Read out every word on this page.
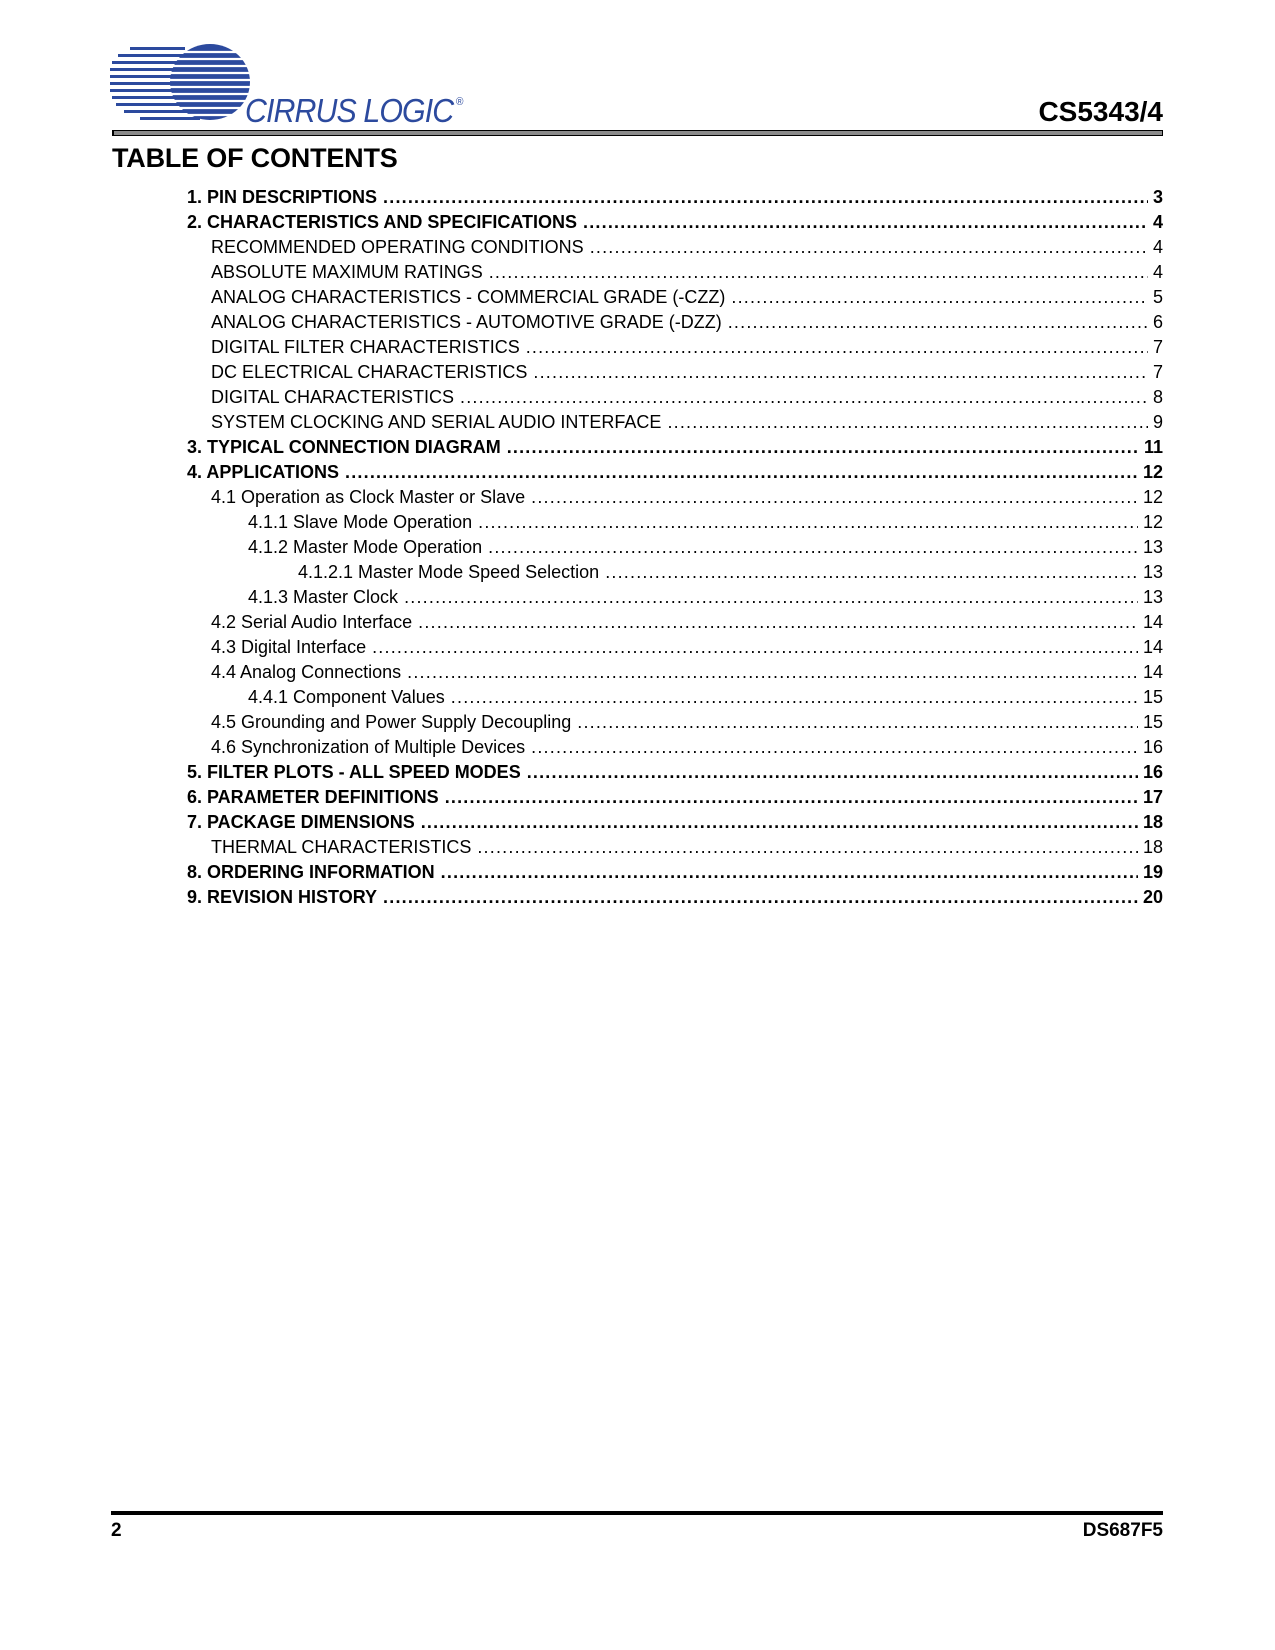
CIRRUS LOGIC ®	CS5343/4
TABLE OF CONTENTS
1. PIN DESCRIPTIONS .....	3
2. CHARACTERISTICS AND SPECIFICATIONS .....	4
RECOMMENDED OPERATING CONDITIONS .....	4
ABSOLUTE MAXIMUM RATINGS .....	4
ANALOG CHARACTERISTICS - COMMERCIAL GRADE (-CZZ) .....	5
ANALOG CHARACTERISTICS - AUTOMOTIVE GRADE (-DZZ) .....	6
DIGITAL FILTER CHARACTERISTICS .....	7
DC ELECTRICAL CHARACTERISTICS .....	7
DIGITAL CHARACTERISTICS .....	8
SYSTEM CLOCKING AND SERIAL AUDIO INTERFACE .....	9
3. TYPICAL CONNECTION DIAGRAM .....	11
4. APPLICATIONS .....	12
4.1 Operation as Clock Master or Slave .....	12
4.1.1 Slave Mode Operation .....	12
4.1.2 Master Mode Operation .....	13
4.1.2.1 Master Mode Speed Selection .....	13
4.1.3 Master Clock .....	13
4.2 Serial Audio Interface .....	14
4.3 Digital Interface .....	14
4.4 Analog Connections .....	14
4.4.1 Component Values .....	15
4.5 Grounding and Power Supply Decoupling .....	15
4.6 Synchronization of Multiple Devices .....	16
5. FILTER PLOTS - ALL SPEED MODES .....	16
6. PARAMETER DEFINITIONS .....	17
7. PACKAGE DIMENSIONS .....	18
THERMAL CHARACTERISTICS .....	18
8. ORDERING INFORMATION .....	19
9. REVISION HISTORY .....	20
2	DS687F5
